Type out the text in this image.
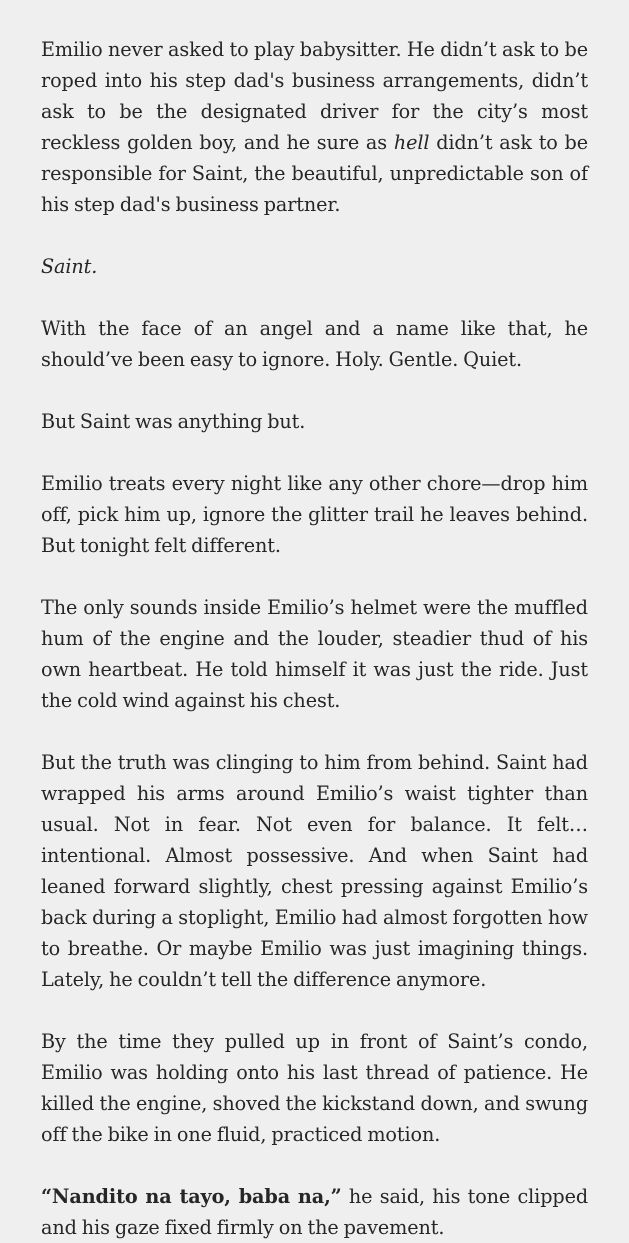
Emilio never asked to play babysitter. He didn’t ask to be roped into his step dad's business arrangements, didn’t ask to be the designated driver for the city’s most reckless golden boy, and he sure as hell didn’t ask to be responsible for Saint, the beautiful, unpredictable son of his step dad's business partner.

Saint.

With the face of an angel and a name like that, he should’ve been easy to ignore. Holy. Gentle. Quiet.

But Saint was anything but.

Emilio treats every night like any other chore—drop him off, pick him up, ignore the glitter trail he leaves behind. But tonight felt different.

The only sounds inside Emilio’s helmet were the muffled hum of the engine and the louder, steadier thud of his own heartbeat. He told himself it was just the ride. Just the cold wind against his chest.

But the truth was clinging to him from behind. Saint had wrapped his arms around Emilio’s waist tighter than usual. Not in fear. Not even for balance. It felt… intentional. Almost possessive. And when Saint had leaned forward slightly, chest pressing against Emilio’s back during a stoplight, Emilio had almost forgotten how to breathe. Or maybe Emilio was just imagining things. Lately, he couldn’t tell the difference anymore.

By the time they pulled up in front of Saint’s condo, Emilio was holding onto his last thread of patience. He killed the engine, shoved the kickstand down, and swung off the bike in one fluid, practiced motion.

“Nandito na tayo, baba na,” he said, his tone clipped and his gaze fixed firmly on the pavement.
